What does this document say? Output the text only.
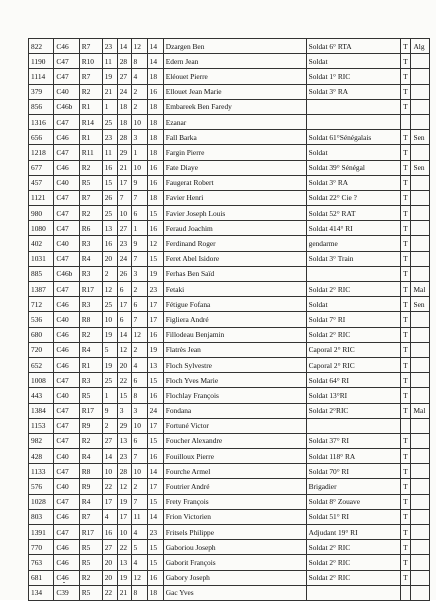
822	C46	R7	23	14	12	14	Dzargen Ben	Soldat 6° RTA	T	Alg
1190	C47	R10	11	28	8	14	Edern Jean	Soldat	T	
1114	C47	R7	19	27	4	18	Eléouet Pierre	Soldat 1° RIC	T	
379	C40	R2	21	24	2	16	Ellouet Jean Marie	Soldat 3° RA	T	
856	C46b	R1	1	18	2	18	Embareek Ben Faredy		T	
1316	C47	R14	25	18	10	18	Ezanar			
656	C46	R1	23	28	3	18	Fall Barka	Soldat 61°Sénégalais	T	Sen
1218	C47	R11	11	29	1	18	Fargin Pierre	Soldat	T	
677	C46	R2	16	21	10	16	Fate Diaye	Soldat 39° Sénégal	T	Sen
457	C40	R5	15	17	9	16	Faugerat Robert	Soldat 3° RA	T	
1121	C47	R7	26	7	7	18	Favier Henri	Soldat 22° Cie ?	T	
980	C47	R2	25	10	6	15	Favier Joseph Louis	Soldat 52° RAT	T	
1080	C47	R6	13	27	1	16	Feraud Joachim	Soldat 414° RI	T	
402	C40	R3	16	23	9	12	Ferdinand Roger	gendarme	T	
1031	C47	R4	20	24	7	15	Feret Abel Isidore	Soldat 3° Train	T	
885	C46b	R3	2	26	3	19	Ferhas Ben Saïd		T	
1387	C47	R17	12	6	2	23	Fetaki	Soldat 2° RIC	T	Mal
712	C46	R3	25	17	6	17	Fétigue Fofana	Soldat	T	Sen
536	C40	R8	10	6	7	17	Figliera André	Soldat 7° RI	T	
680	C46	R2	19	14	12	16	Fillodeau Benjamin	Soldat 2° RIC	T	
720	C46	R4	5	12	2	19	Flatrès Jean	Caporal 2° RIC	T	
652	C46	R1	19	20	4	13	Floch Sylvestre	Caporal 2° RIC	T	
1008	C47	R3	25	22	6	15	Floch Yves Marie	Soldat 64° RI	T	
443	C40	R5	1	15	8	16	Flochlay François	Soldat 13°RI	T	
1384	C47	R17	9	3	3	24	Fondana	Soldat 2°RIC	T	Mal
1153	C47	R9	2	29	10	17	Fortuné Victor			
982	C47	R2	27	13	6	15	Foucher Alexandre	Soldat 37° RI	T	
428	C40	R4	14	23	7	16	Fouilloux Pierre	Soldat 118° RA	T	
1133	C47	R8	10	28	10	14	Fourche Armel	Soldat 70° RI	T	
576	C40	R9	22	12	2	17	Foutrier André	Brigadier	T	
1028	C47	R4	17	19	7	15	Frety François	Soldat 8° Zouave	T	
803	C46	R7	4	17	11	14	Frion Victorien	Soldat 51° RI	T	
1391	C47	R17	16	10	4	23	Fritsels Philippe	Adjudant 19° RI	T	
770	C46	R5	27	22	5	15	Gaboriou Joseph	Soldat 2° RIC	T	
763	C46	R5	20	13	4	15	Gaborit François	Soldat 2° RIC	T	
681	C46	R2	20	19	12	16	Gabory Joseph	Soldat 2° RIC	T	
134	C39	R5	22	21	8	18	Gac Yves			
